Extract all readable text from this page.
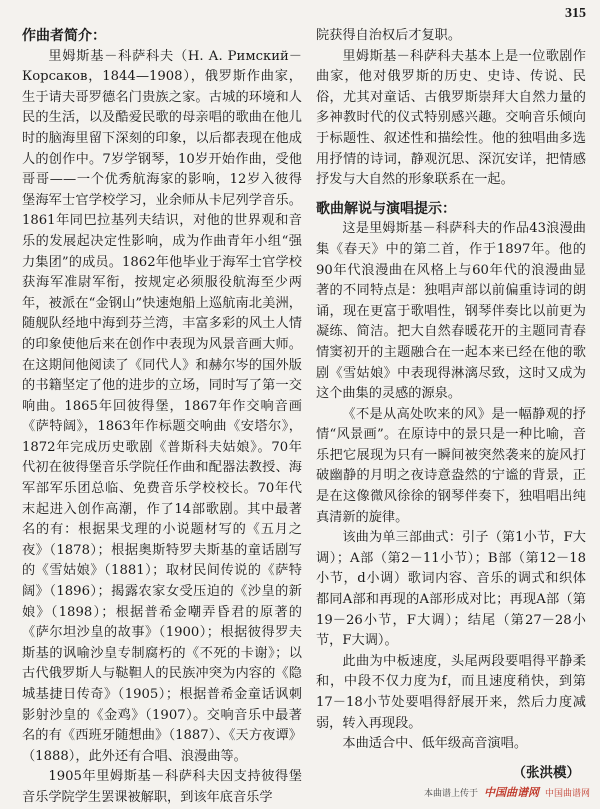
315
作曲者简介：

里姆斯基－科萨科夫（Н. А. Римский－Корсаков，1844—1908），俄罗斯作曲家，生于请夫哥罗德名门贵族之家。古城的环境和人民的生活，以及酷爱民歌的母亲唱的歌曲在他儿时的脑海里留下深刻的印象，以后都表现在他成人的创作中。7岁学钢琴，10岁开始作曲，受他哥哥——一个优秀航海家的影响，12岁入彼得堡海军士官学校学习，业余师从卡尼列学音乐。1861年同巴拉基列夫结识，对他的世界观和音乐的发展起决定性影响，成为作曲青年小组“强力集团”的成员。1862年他毕业于海军士官学校获海军准尉军衔，按规定必须服役航海至少两年，被派在“金钢山”快速炮船上巡航南北美洲，随舰队经地中海到芬兰湾，丰富多彩的风土人情的印象使他后来在创作中表现为风景音画大师。在这期间他阅读了《同代人》和赫尔岑的国外版的书籍坚定了他的进步的立场，同时写了第一交响曲。1865年回彼得堡，1867年作交响音画《萨特阔》，1863年作标题交响曲《安塔尔》，1872年完成历史歌剧《普斯科夫姑娘》。70年代初在彼得堡音乐学院任作曲和配器法教授、海军部军乐团总临、免费音乐学校校长。70年代末起进入创作高潮，作了14部歌剧。其中最著名的有：根据果戈理的小说题材写的《五月之夜》（1878）；根据奥斯特罗夫斯基的童话剧写的《雪姑娘》（1881）；取材民间传说的《萨特阔》（1896）；揭露农家女受压迫的《沙皇的新娘》（1898）；根据普希金嘲弄昏君的原著的《萨尔坦沙皇的故事》（1900）；根据彼得罗夫斯基的讽喻沙皇专制腐朽的《不死的卡谢》；以古代俄罗斯人与鞑靼人的民族冲突为内容的《隐城基捷日传奇》（1905）；根据普希金童话讽刺影射沙皇的《金鸡》（1907）。交响音乐中最著名的有《西班牙随想曲》（1887）、《天方夜谭》（1888），此外还有合唱、浪漫曲等。

1905年里姆斯基－科萨科夫因支持彼得堡音乐学院学生罢课被解职，到该年底音乐学

院获得自治权后才复职。

里姆斯基－科萨科夫基本上是一位歌剧作曲家，他对俄罗斯的历史、史诗、传说、民俗，尤其对童话、古俄罗斯崇拜大自然力量的多神教时代的仪式特别感兴趣。交响音乐倾向于标题性、叙述性和描绘性。他的独唱曲多选用抒情的诗词，静观沉思、深沉安详，把情感抒发与大自然的形象联系在一起。

歌曲解说与演唱提示：

这是里姆斯基－科萨科夫的作品43浪漫曲集《春天》中的第二首，作于1897年。他的90年代浪漫曲在风格上与60年代的浪漫曲显著的不同特点是：独唱声部以前偏重诗词的朗诵，现在更富于歌唱性，钢琴伴奏比以前更为凝练、简洁。把大自然春暖花开的主题同青春情窦初开的主题融合在一起本来已经在他的歌剧《雪姑娘》中表现得淋漓尽致，这时又成为这个曲集的灵感的源泉。

《不是从高处吹来的风》是一幅静观的抒情“风景画”。在原诗中的景只是一种比喻，音乐把它展现为只有一瞬间被突然袭来的旋风打破幽静的月明之夜诗意盎然的宁谧的背景，正是在这像微风徐徐的钢琴伴奏下，独唱唱出纯真清新的旋律。

该曲为单三部曲式：引子（第1小节，F大调）；A部（第2－11小节）；B部（第12－18小节，d小调）歌词内容、音乐的调式和织体都同A部和再现的A部形成对比；再现A部（第19－26小节，F大调）；结尾（第27－28小节，F大调）。

此曲为中板速度，头尾两段要唱得平静柔和，中段不仅力度为f，而且速度稍快，到第17－18小节处要唱得舒展开来，然后力度减弱，转入再现段。

本曲适合中、低年级高音演唱。

（张洪模）
本曲谱上传于 中国曲谱网 中国曲谱网
